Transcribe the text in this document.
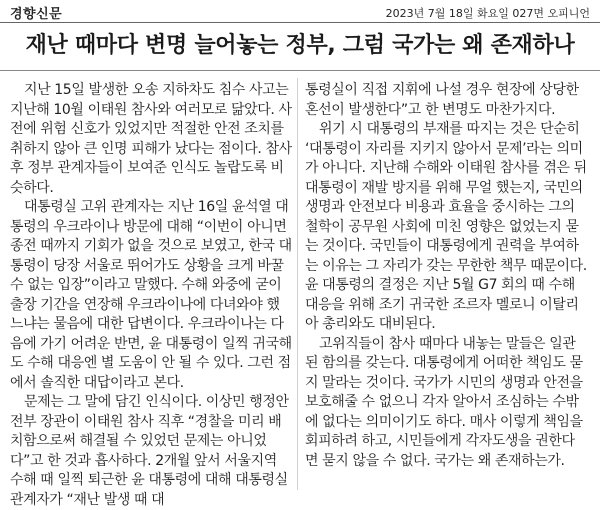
경향신문	2023년 7월 18일 화요일 027면 오피니언
재난 때마다 변명 늘어놓는 정부, 그럼 국가는 왜 존재하나

지난 15일 발생한 오송 지하차도 침수 사고는 지난해 10월 이태원 참사와 여러모로 닮았다. 사전에 위험 신호가 있었지만 적절한 안전 조치를 취하지 않아 큰 인명 피해가 났다는 점이다. 참사 후 정부 관계자들이 보여준 인식도 놀랍도록 비슷하다.

대통령실 고위 관계자는 지난 16일 윤석열 대통령의 우크라이나 방문에 대해 “이번이 아니면 종전 때까지 기회가 없을 것으로 보였고, 한국 대통령이 당장 서울로 뛰어가도 상황을 크게 바꿀 수 없는 입장”이라고 말했다. 수해 와중에 굳이 출장 기간을 연장해 우크라이나에 다녀와야 했느냐는 물음에 대한 답변이다. 우크라이나는 다음에 가기 어려운 반면, 윤 대통령이 일찍 귀국해도 수해 대응엔 별 도움이 안 될 수 있다. 그런 점에서 솔직한 대답이라고 본다.

문제는 그 말에 담긴 인식이다. 이상민 행정안전부 장관이 이태원 참사 직후 “경찰을 미리 배치함으로써 해결될 수 있었던 문제는 아니었다”고 한 것과 흡사하다. 2개월 앞서 서울지역 수해 때 일찍 퇴근한 윤 대통령에 대해 대통령실 관계자가 “재난 발생 때 대

통령실이 직접 지휘에 나설 경우 현장에 상당한 혼선이 발생한다”고 한 변명도 마찬가지다.

위기 시 대통령의 부재를 따지는 것은 단순히 ‘대통령이 자리를 지키지 않아서 문제’라는 의미가 아니다. 지난해 수해와 이태원 참사를 겪은 뒤 대통령이 재발 방지를 위해 무얼 했는지, 국민의 생명과 안전보다 비용과 효율을 중시하는 그의 철학이 공무원 사회에 미친 영향은 없었는지 묻는 것이다. 국민들이 대통령에게 권력을 부여하는 이유는 그 자리가 갖는 무한한 책무 때문이다. 윤 대통령의 결정은 지난 5월 G7 회의 때 수해 대응을 위해 조기 귀국한 조르자 멜로니 이탈리아 총리와도 대비된다.

고위직들이 참사 때마다 내놓는 말들은 일관된 함의를 갖는다. 대통령에게 어떠한 책임도 묻지 말라는 것이다. 국가가 시민의 생명과 안전을 보호해줄 수 없으니 각자 알아서 조심하는 수밖에 없다는 의미이기도 하다. 매사 이렇게 책임을 회피하려 하고, 시민들에게 각자도생을 권한다면 묻지 않을 수 없다. 국가는 왜 존재하는가.
